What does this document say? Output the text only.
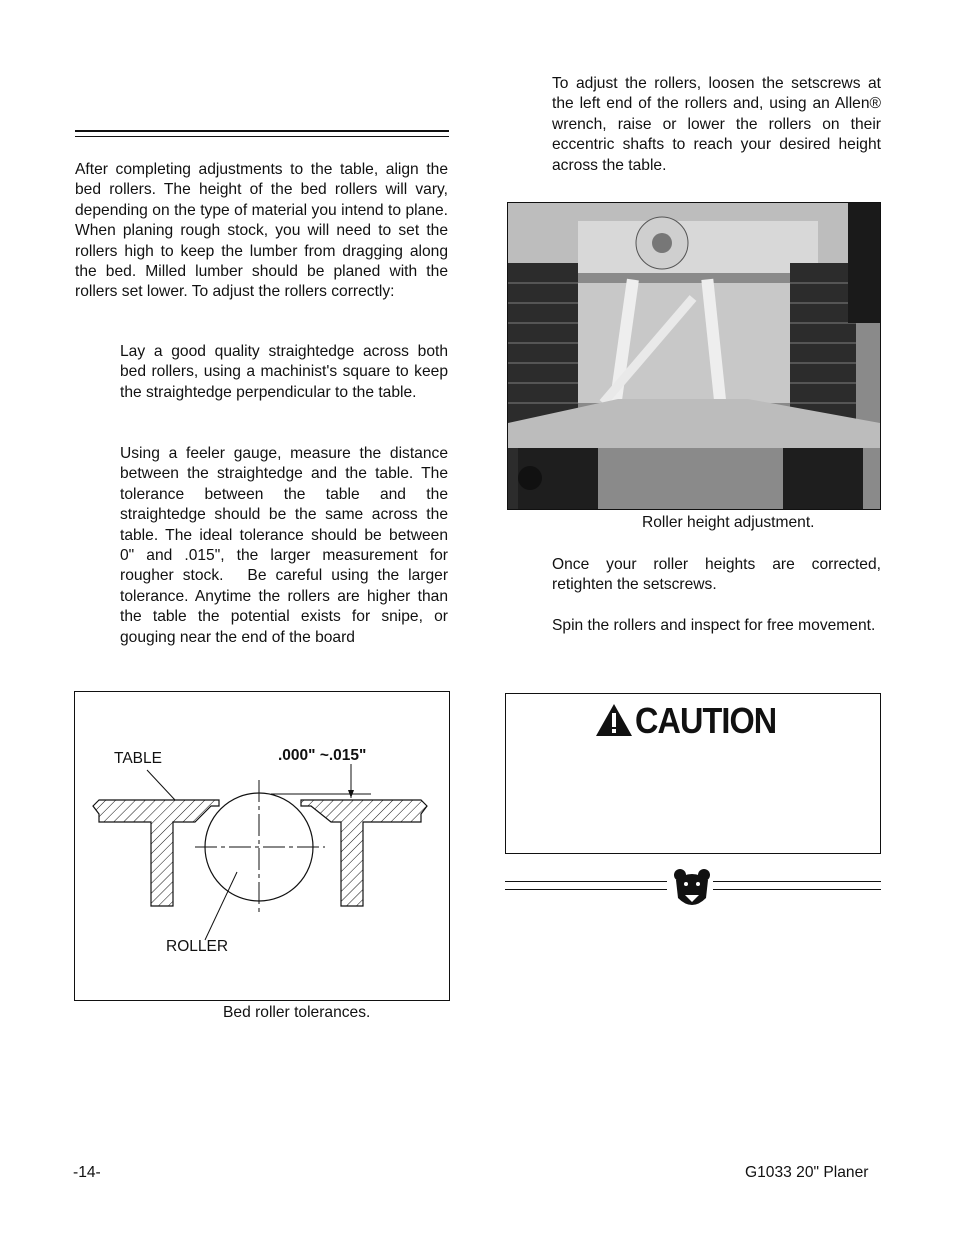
After completing adjustments to the table, align the bed rollers. The height of the bed rollers will vary, depending on the type of material you intend to plane. When planing rough stock, you will need to set the rollers high to keep the lumber from dragging along the bed. Milled lumber should be planed with the rollers set lower. To adjust the rollers correctly:

Lay a good quality straightedge across both bed rollers, using a machinist's square to keep the straightedge perpendicular to the table.

Using a feeler gauge, measure the distance between the straightedge and the table. The tolerance between the table and the straightedge should be the same across the table. The ideal tolerance should be between 0" and .015", the larger measurement for rougher stock. Be careful using the larger tolerance. Anytime the rollers are higher than the table the potential exists for snipe, or gouging near the end of the board

TABLE	.000" ~.015"
ROLLER
Bed roller tolerances.

To adjust the rollers, loosen the setscrews at the left end of the rollers and, using an Allen® wrench, raise or lower the rollers on their eccentric shafts to reach your desired height across the table.

Once your roller heights are corrected, retighten the setscrews.

Spin the rollers and inspect for free movement.

Roller height adjustment.
CAUTION
-14-	G1033 20" Planer
